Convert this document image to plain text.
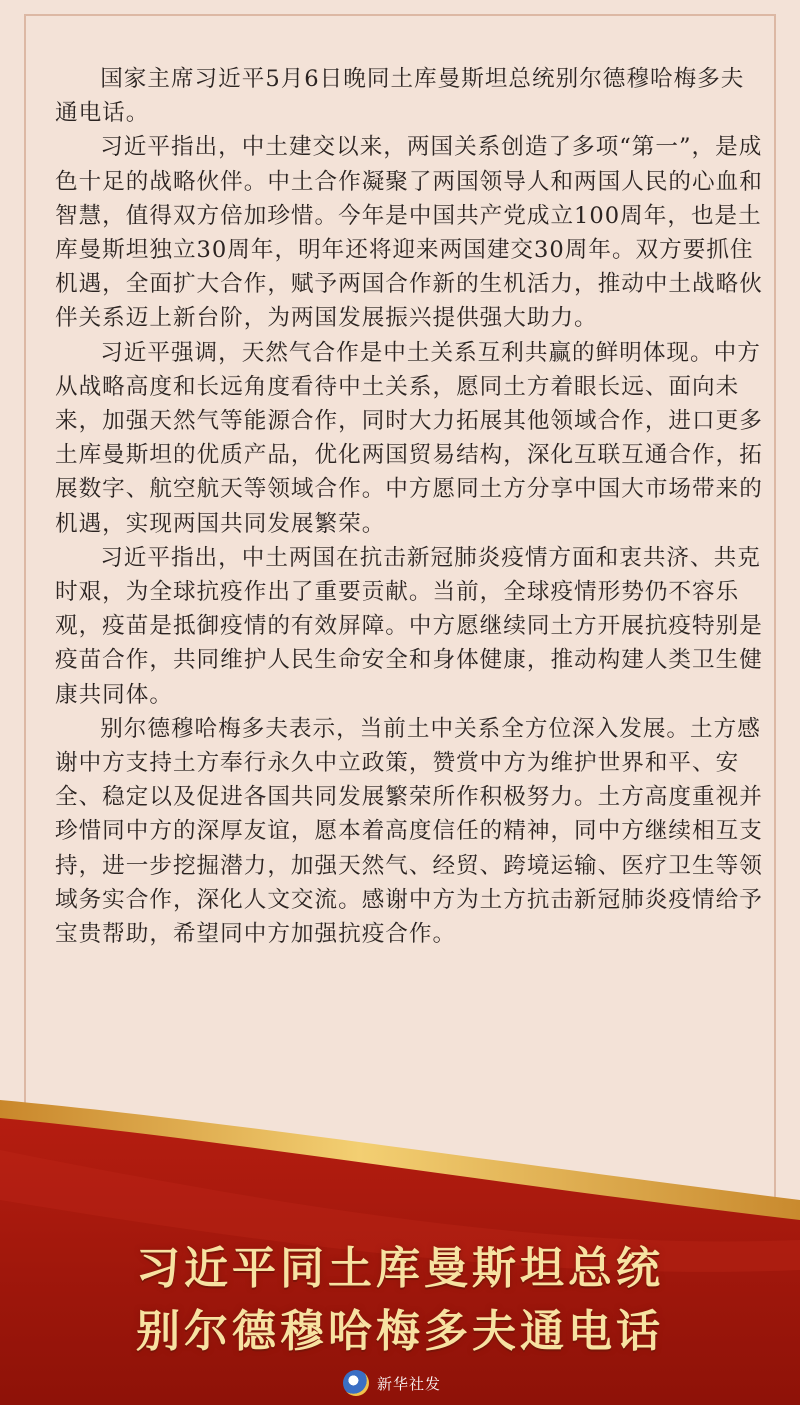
国家主席习近平5月6日晚同土库曼斯坦总统别尔德穆哈梅多夫通电话。

习近平指出，中土建交以来，两国关系创造了多项“第一”，是成色十足的战略伙伴。中土合作凝聚了两国领导人和两国人民的心血和智慧，值得双方倍加珍惜。今年是中国共产党成立100周年，也是土库曼斯坦独立30周年，明年还将迎来两国建交30周年。双方要抓住机遇，全面扩大合作，赋予两国合作新的生机活力，推动中土战略伙伴关系迈上新台阶，为两国发展振兴提供强大助力。

习近平强调，天然气合作是中土关系互利共赢的鲜明体现。中方从战略高度和长远角度看待中土关系，愿同土方着眼长远、面向未来，加强天然气等能源合作，同时大力拓展其他领域合作，进口更多土库曼斯坦的优质产品，优化两国贸易结构，深化互联互通合作，拓展数字、航空航天等领域合作。中方愿同土方分享中国大市场带来的机遇，实现两国共同发展繁荣。

习近平指出，中土两国在抗击新冠肺炎疫情方面和衷共济、共克时艰，为全球抗疫作出了重要贡献。当前，全球疫情形势仍不容乐观，疫苗是抵御疫情的有效屏障。中方愿继续同土方开展抗疫特别是疫苗合作，共同维护人民生命安全和身体健康，推动构建人类卫生健康共同体。

别尔德穆哈梅多夫表示，当前土中关系全方位深入发展。土方感谢中方支持土方奉行永久中立政策，赞赏中方为维护世界和平、安全、稳定以及促进各国共同发展繁荣所作积极努力。土方高度重视并珍惜同中方的深厚友谊，愿本着高度信任的精神，同中方继续相互支持，进一步挖掘潜力，加强天然气、经贸、跨境运输、医疗卫生等领域务实合作，深化人文交流。感谢中方为土方抗击新冠肺炎疫情给予宝贵帮助，希望同中方加强抗疫合作。

习近平同土库曼斯坦总统
别尔德穆哈梅多夫通电话
新华社发
